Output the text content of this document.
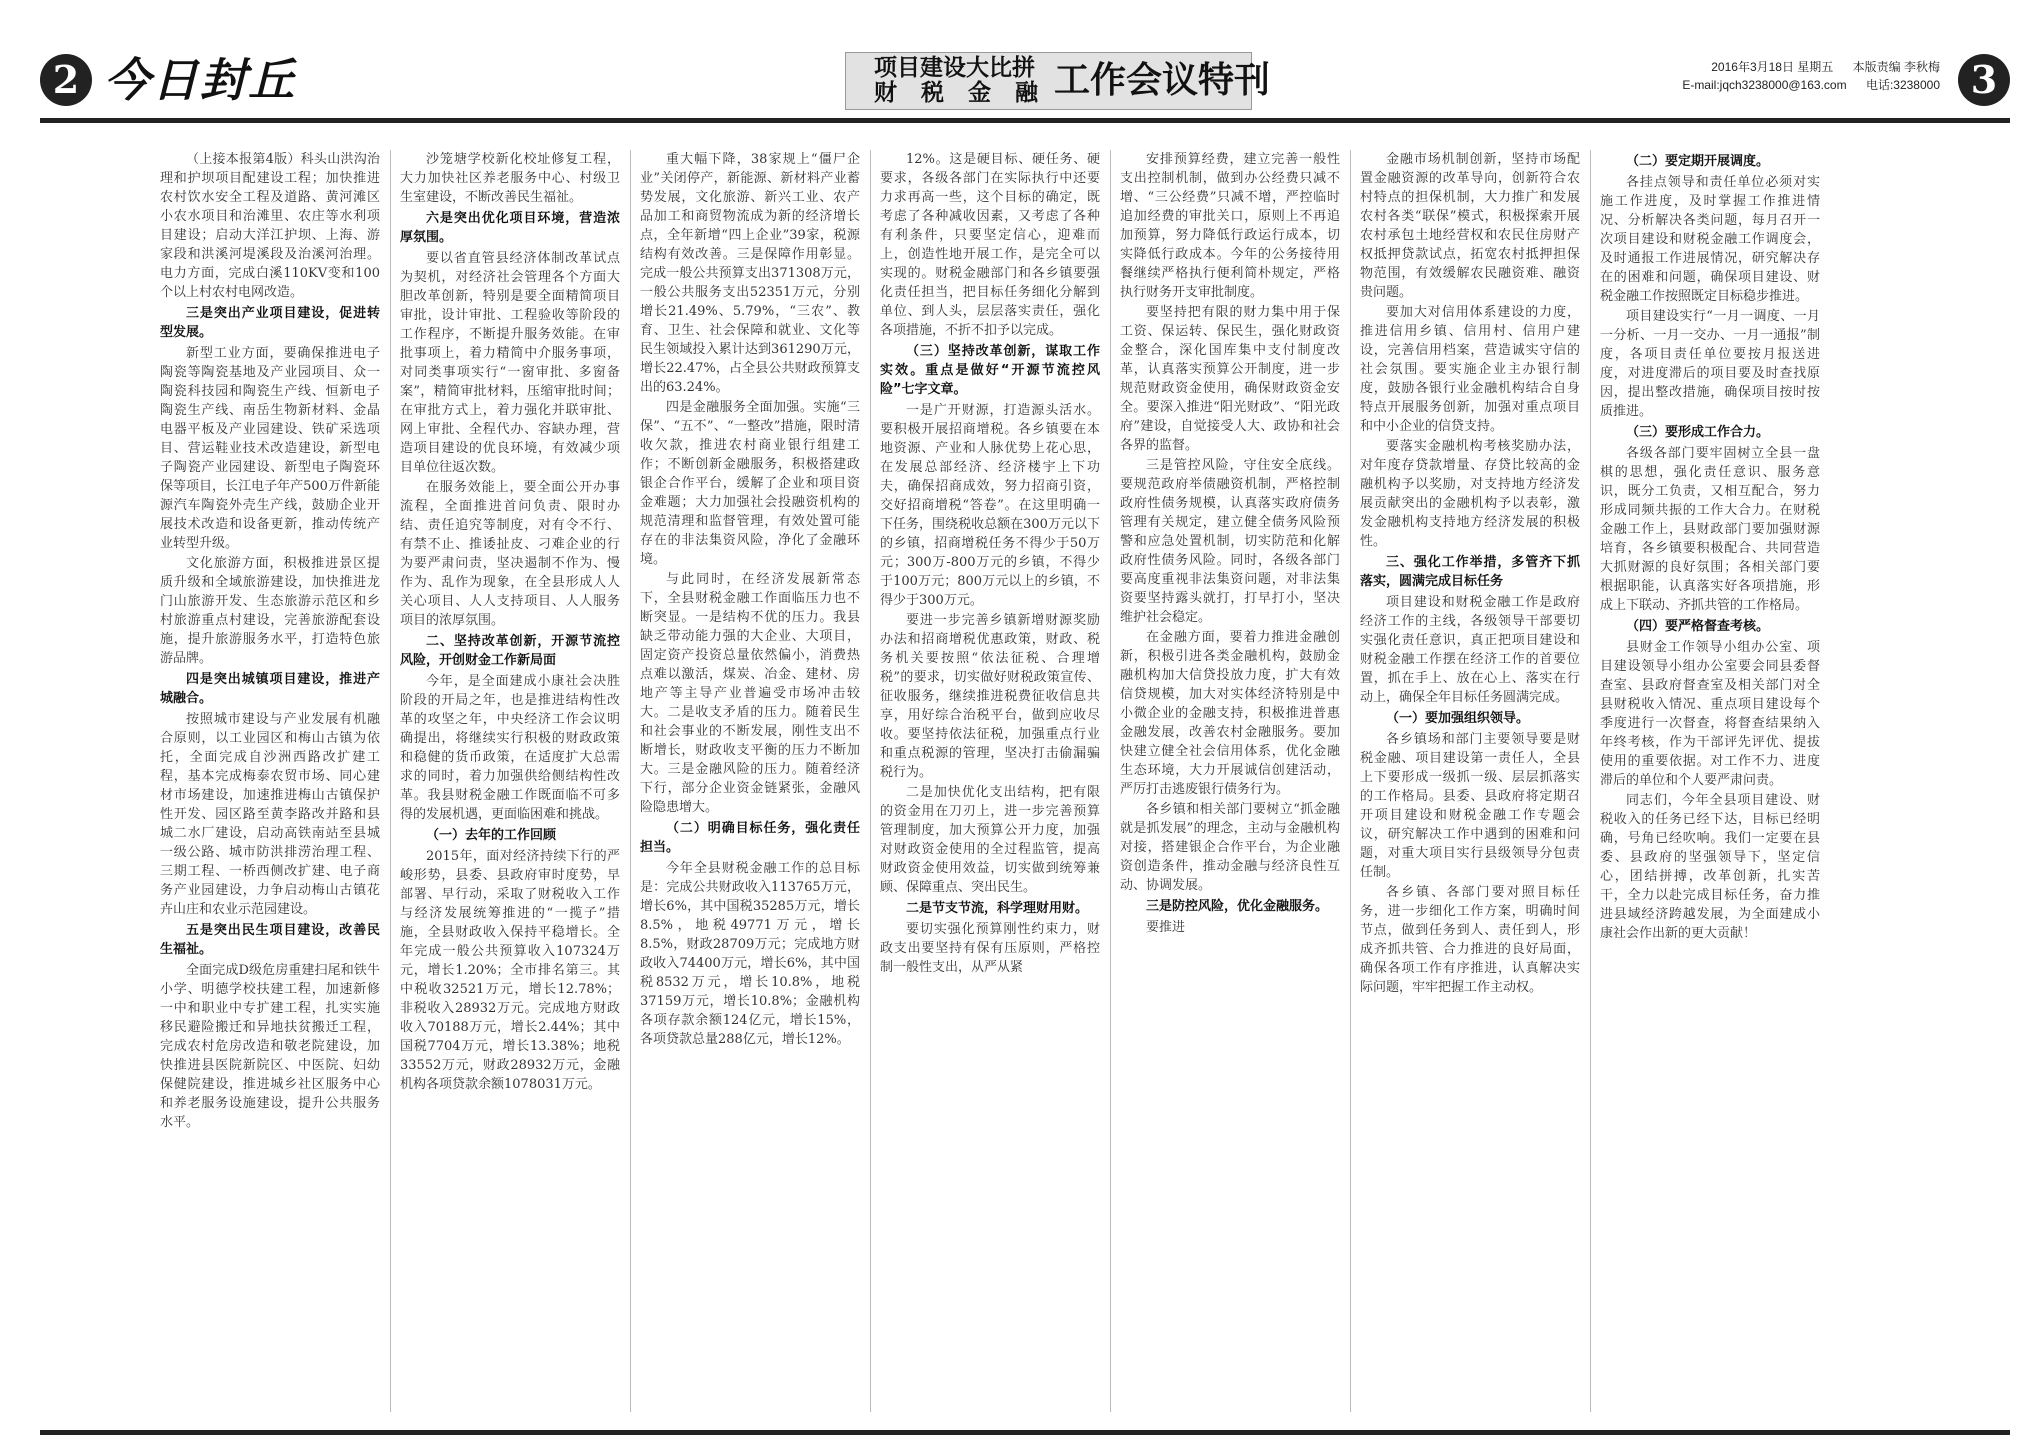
2 今日封丘	项目建设大比拼
财 税 金 融 工作会议特刊	2016年3月18日 星期五 本版责编 李秋梅
E-mail:jqch3238000@163.com 电话:3238000 3

（上接本报第4版）科头山洪沟治理和护坝项目配建设工程；加快推进农村饮水安全工程及道路、黄河滩区小农水项目和治滩里、农庄等水利项目建设；启动大洋江护坝、上海、游家段和洪溪河堤溪段及治溪河治理。电力方面，完成白溪110KV变和100个以上村农村电网改造。

三是突出产业项目建设，促进转型发展。

新型工业方面，要确保推进电子陶瓷等陶瓷基地及产业园项目、众一陶瓷科技园和陶瓷生产线、恒新电子陶瓷生产线、南岳生物新材料、金晶电器平板及产业园建设、铁矿采选项目、营运鞋业技术改造建设，新型电子陶瓷产业园建设、新型电子陶瓷环保等项目，长江电子年产500万件新能源汽车陶瓷外壳生产线，鼓励企业开展技术改造和设备更新，推动传统产业转型升级。

文化旅游方面，积极推进景区提质升级和全域旅游建设，加快推进龙门山旅游开发、生态旅游示范区和乡村旅游重点村建设，完善旅游配套设施，提升旅游服务水平，打造特色旅游品牌。

四是突出城镇项目建设，推进产城融合。

按照城市建设与产业发展有机融合原则，以工业园区和梅山古镇为依托，全面完成自沙洲西路改扩建工程，基本完成梅泰农贸市场、同心建材市场建设，加速推进梅山古镇保护性开发、园区路至黄李路改并路和县城二水厂建设，启动高铁南站至县城一级公路、城市防洪排涝治理工程、三期工程、一桥西侧改扩建、电子商务产业园建设，力争启动梅山古镇花卉山庄和农业示范园建设。

五是突出民生项目建设，改善民生福祉。

全面完成D级危房重建扫尾和铁牛小学、明德学校扶建工程，加速新修一中和职业中专扩建工程，扎实实施移民避险搬迁和异地扶贫搬迁工程，完成农村危房改造和敬老院建设，加快推进县医院新院区、中医院、妇幼保健院建设，推进城乡社区服务中心和养老服务设施建设，提升公共服务水平。

沙笼塘学校新化校址修复工程，大力加快社区养老服务中心、村级卫生室建设，不断改善民生福祉。

六是突出优化项目环境，营造浓厚氛围。

要以省直管县经济体制改革试点为契机，对经济社会管理各个方面大胆改革创新，特别是要全面精简项目审批，设计审批、工程验收等阶段的工作程序，不断提升服务效能。在审批事项上，着力精简中介服务事项，对同类事项实行“一窗审批、多窗备案”，精简审批材料，压缩审批时间；在审批方式上，着力强化并联审批、网上审批、全程代办、容缺办理，营造项目建设的优良环境，有效减少项目单位往返次数。

在服务效能上，要全面公开办事流程，全面推进首问负责、限时办结、责任追究等制度，对有令不行、有禁不止、推诿扯皮、刁难企业的行为要严肃问责，坚决遏制不作为、慢作为、乱作为现象，在全县形成人人关心项目、人人支持项目、人人服务项目的浓厚氛围。

二、坚持改革创新，开源节流控风险，开创财金工作新局面

今年，是全面建成小康社会决胜阶段的开局之年，也是推进结构性改革的攻坚之年，中央经济工作会议明确提出，将继续实行积极的财政政策和稳健的货币政策，在适度扩大总需求的同时，着力加强供给侧结构性改革。我县财税金融工作既面临不可多得的发展机遇，更面临困难和挑战。

（一）去年的工作回顾

2015年，面对经济持续下行的严峻形势，县委、县政府审时度势，早部署、早行动，采取了财税收入工作与经济发展统筹推进的“一揽子”措施，全县财政收入保持平稳增长。全年完成一般公共预算收入107324万元，增长1.20%；全市排名第三。其中税收32521万元，增长12.78%；非税收入28932万元。完成地方财政收入70188万元，增长2.44%；其中国税7704万元，增长13.38%；地税33552万元，财政28932万元，金融机构各项贷款余额1078031万元。

重大幅下降，38家规上“僵尸企业”关闭停产，新能源、新材料产业蓄势发展，文化旅游、新兴工业、农产品加工和商贸物流成为新的经济增长点，全年新增“四上企业”39家，税源结构有效改善。三是保障作用彰显。完成一般公共预算支出371308万元，一般公共服务支出52351万元，分别增长21.49%、5.79%，“三农”、教育、卫生、社会保障和就业、文化等民生领域投入累计达到361290万元，增长22.47%，占全县公共财政预算支出的63.24%。

四是金融服务全面加强。实施“三保”、“五不”、“一整改”措施，限时清收欠款，推进农村商业银行组建工作；不断创新金融服务，积极搭建政银企合作平台，缓解了企业和项目资金难题；大力加强社会投融资机构的规范清理和监督管理，有效处置可能存在的非法集资风险，净化了金融环境。

与此同时，在经济发展新常态下，全县财税金融工作面临压力也不断突显。一是结构不优的压力。我县缺乏带动能力强的大企业、大项目，固定资产投资总量依然偏小，消费热点难以激活，煤炭、冶金、建材、房地产等主导产业普遍受市场冲击较大。二是收支矛盾的压力。随着民生和社会事业的不断发展，刚性支出不断增长，财政收支平衡的压力不断加大。三是金融风险的压力。随着经济下行，部分企业资金链紧张，金融风险隐患增大。

（二）明确目标任务，强化责任担当。

今年全县财税金融工作的总目标是：完成公共财政收入113765万元，增长6%，其中国税35285万元，增长8.5%，地税49771万元，增长8.5%，财政28709万元；完成地方财政收入74400万元，增长6%，其中国税8532万元，增长10.8%，地税37159万元，增长10.8%；金融机构各项存款余额124亿元，增长15%，各项贷款总量288亿元，增长12%。

12%。这是硬目标、硬任务、硬要求，各级各部门在实际执行中还要力求再高一些，这个目标的确定，既考虑了各种减收因素，又考虑了各种有利条件，只要坚定信心，迎难而上，创造性地开展工作，是完全可以实现的。财税金融部门和各乡镇要强化责任担当，把目标任务细化分解到单位、到人头，层层落实责任，强化各项措施，不折不扣予以完成。

（三）坚持改革创新，谋取工作实效。重点是做好“开源节流控风险”七字文章。

一是广开财源，打造源头活水。要积极开展招商增税。各乡镇要在本地资源、产业和人脉优势上花心思，在发展总部经济、经济楼宇上下功夫，确保招商成效，努力招商引资，交好招商增税“答卷”。在这里明确一下任务，围绕税收总额在300万元以下的乡镇，招商增税任务不得少于50万元；300万-800万元的乡镇，不得少于100万元；800万元以上的乡镇，不得少于300万元。

要进一步完善乡镇新增财源奖励办法和招商增税优惠政策，财政、税务机关要按照“依法征税、合理增税”的要求，切实做好财税政策宣传、征收服务，继续推进税费征收信息共享，用好综合治税平台，做到应收尽收。要坚持依法征税，加强重点行业和重点税源的管理，坚决打击偷漏骗税行为。

二是加快优化支出结构，把有限的资金用在刀刃上，进一步完善预算管理制度，加大预算公开力度，加强对财政资金使用的全过程监管，提高财政资金使用效益，切实做到统筹兼顾、保障重点、突出民生。

二是节支节流，科学理财用财。

要切实强化预算刚性约束力，财政支出要坚持有保有压原则，严格控制一般性支出，从严从紧

安排预算经费，建立完善一般性支出控制机制，做到办公经费只减不增、“三公经费”只减不增，严控临时追加经费的审批关口，原则上不再追加预算，努力降低行政运行成本，切实降低行政成本。今年的公务接待用餐继续严格执行便利简朴规定，严格执行财务开支审批制度。

要坚持把有限的财力集中用于保工资、保运转、保民生，强化财政资金整合，深化国库集中支付制度改革，认真落实预算公开制度，进一步规范财政资金使用，确保财政资金安全。要深入推进“阳光财政”、“阳光政府”建设，自觉接受人大、政协和社会各界的监督。

三是管控风险，守住安全底线。要规范政府举债融资机制，严格控制政府性债务规模，认真落实政府债务管理有关规定，建立健全债务风险预警和应急处置机制，切实防范和化解政府性债务风险。同时，各级各部门要高度重视非法集资问题，对非法集资要坚持露头就打，打早打小，坚决维护社会稳定。

在金融方面，要着力推进金融创新，积极引进各类金融机构，鼓励金融机构加大信贷投放力度，扩大有效信贷规模，加大对实体经济特别是中小微企业的金融支持，积极推进普惠金融发展，改善农村金融服务。要加快建立健全社会信用体系，优化金融生态环境，大力开展诚信创建活动，严厉打击逃废银行债务行为。

各乡镇和相关部门要树立“抓金融就是抓发展”的理念，主动与金融机构对接，搭建银企合作平台，为企业融资创造条件，推动金融与经济良性互动、协调发展。

三是防控风险，优化金融服务。

要推进

金融市场机制创新，坚持市场配置金融资源的改革导向，创新符合农村特点的担保机制，大力推广和发展农村各类“联保”模式，积极探索开展农村承包土地经营权和农民住房财产权抵押贷款试点，拓宽农村抵押担保物范围，有效缓解农民融资难、融资贵问题。

要加大对信用体系建设的力度，推进信用乡镇、信用村、信用户建设，完善信用档案，营造诚实守信的社会氛围。要实施企业主办银行制度，鼓励各银行业金融机构结合自身特点开展服务创新，加强对重点项目和中小企业的信贷支持。

要落实金融机构考核奖励办法，对年度存贷款增量、存贷比较高的金融机构予以奖励，对支持地方经济发展贡献突出的金融机构予以表彰，激发金融机构支持地方经济发展的积极性。

三、强化工作举措，多管齐下抓落实，圆满完成目标任务

项目建设和财税金融工作是政府经济工作的主线，各级领导干部要切实强化责任意识，真正把项目建设和财税金融工作摆在经济工作的首要位置，抓在手上、放在心上、落实在行动上，确保全年目标任务圆满完成。

（一）要加强组织领导。

各乡镇场和部门主要领导要是财税金融、项目建设第一责任人，全县上下要形成一级抓一级、层层抓落实的工作格局。县委、县政府将定期召开项目建设和财税金融工作专题会议，研究解决工作中遇到的困难和问题，对重大项目实行县级领导分包责任制。

各乡镇、各部门要对照目标任务，进一步细化工作方案，明确时间节点，做到任务到人、责任到人，形成齐抓共管、合力推进的良好局面，确保各项工作有序推进，认真解决实际问题，牢牢把握工作主动权。

（二）要定期开展调度。

各挂点领导和责任单位必须对实施工作进度，及时掌握工作推进情况、分析解决各类问题，每月召开一次项目建设和财税金融工作调度会，及时通报工作进展情况，研究解决存在的困难和问题，确保项目建设、财税金融工作按照既定目标稳步推进。

项目建设实行“一月一调度、一月一分析、一月一交办、一月一通报”制度，各项目责任单位要按月报送进度，对进度滞后的项目要及时查找原因，提出整改措施，确保项目按时按质推进。

（三）要形成工作合力。

各级各部门要牢固树立全县一盘棋的思想，强化责任意识、服务意识，既分工负责，又相互配合，努力形成同频共振的工作大合力。在财税金融工作上，县财政部门要加强财源培育，各乡镇要积极配合、共同营造大抓财源的良好氛围；各相关部门要根据职能，认真落实好各项措施，形成上下联动、齐抓共管的工作格局。

（四）要严格督查考核。

县财金工作领导小组办公室、项目建设领导小组办公室要会同县委督查室、县政府督查室及相关部门对全县财税收入情况、重点项目建设每个季度进行一次督查，将督查结果纳入年终考核，作为干部评先评优、提拔使用的重要依据。对工作不力、进度滞后的单位和个人要严肃问责。

同志们，今年全县项目建设、财税收入的任务已经下达，目标已经明确，号角已经吹响。我们一定要在县委、县政府的坚强领导下，坚定信心，团结拼搏，改革创新，扎实苦干，全力以赴完成目标任务，奋力推进县域经济跨越发展，为全面建成小康社会作出新的更大贡献！
